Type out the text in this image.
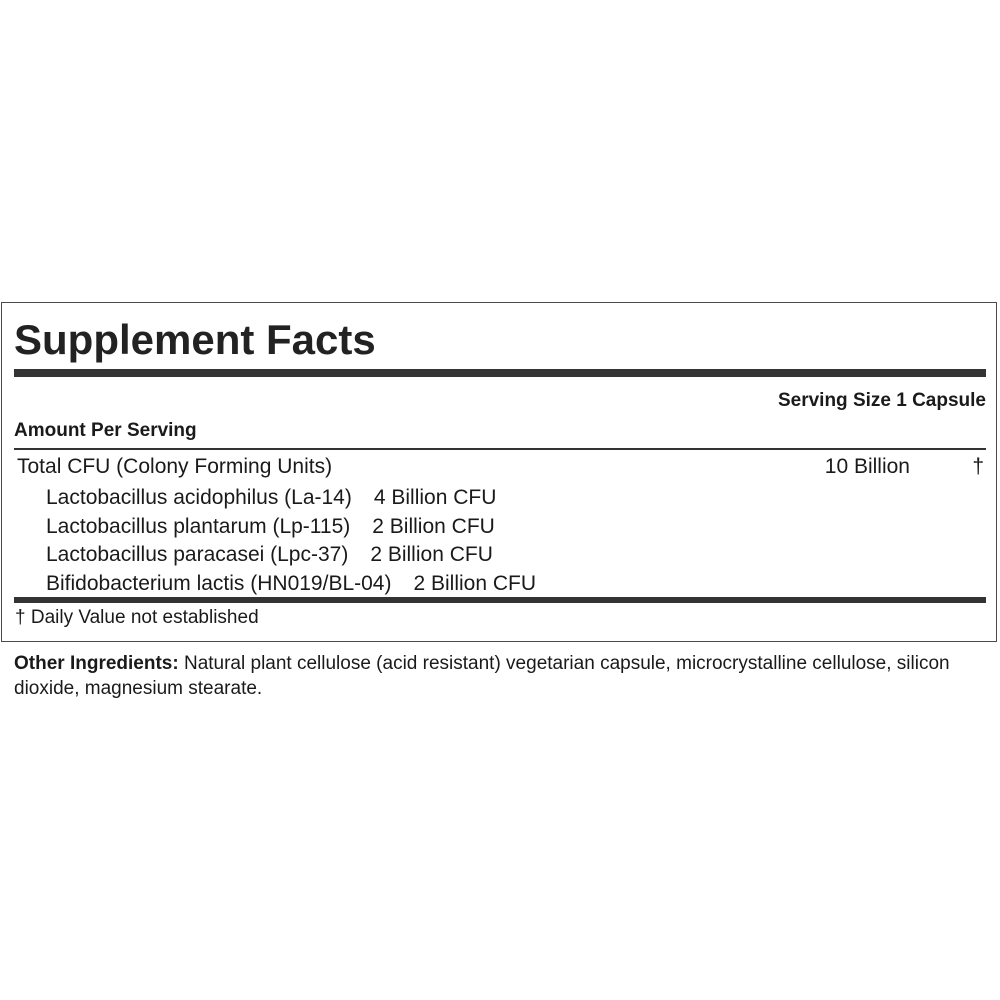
Supplement Facts
Serving Size 1 Capsule
Amount Per Serving
Total CFU (Colony Forming Units)	10 Billion	†
Lactobacillus acidophilus (La-14) 4 Billion CFU
Lactobacillus plantarum (Lp-115) 2 Billion CFU
Lactobacillus paracasei (Lpc-37) 2 Billion CFU
Bifidobacterium lactis (HN019/BL-04) 2 Billion CFU
† Daily Value not established

Other Ingredients: Natural plant cellulose (acid resistant) vegetarian capsule, microcrystalline cellulose, silicon dioxide, magnesium stearate.
